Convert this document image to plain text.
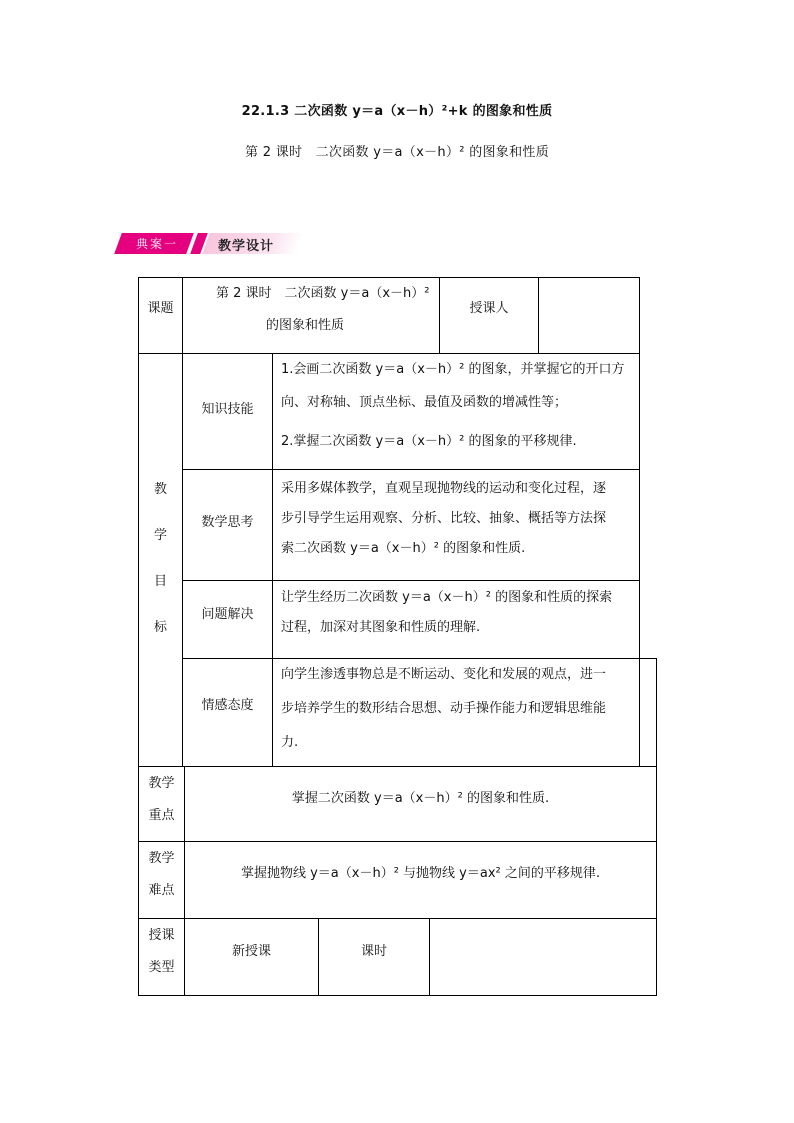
22.1.3 二次函数 y＝a（x－h）²+k 的图象和性质
第 2 课时　二次函数 y＝a（x－h）² 的图象和性质
典案一	教学设计
课题
第 2 课时　二次函数 y＝a（x－h）²
的图象和性质
授课人
教
学
目
标
知识技能
1.会画二次函数 y＝a（x－h）² 的图象，并掌握它的开口方
向、对称轴、顶点坐标、最值及函数的增减性等；
2.掌握二次函数 y＝a（x－h）² 的图象的平移规律.
数学思考
采用多媒体教学，直观呈现抛物线的运动和变化过程，逐
步引导学生运用观察、分析、比较、抽象、概括等方法探
索二次函数 y＝a（x－h）² 的图象和性质.
问题解决
让学生经历二次函数 y＝a（x－h）² 的图象和性质的探索
过程，加深对其图象和性质的理解.
情感态度
向学生渗透事物总是不断运动、变化和发展的观点，进一
步培养学生的数形结合思想、动手操作能力和逻辑思维能
力.
教学
重点
掌握二次函数 y＝a（x－h）² 的图象和性质.
教学
难点
掌握抛物线 y＝a（x－h）² 与抛物线 y＝ax² 之间的平移规律.
授课
类型
新授课	课时
